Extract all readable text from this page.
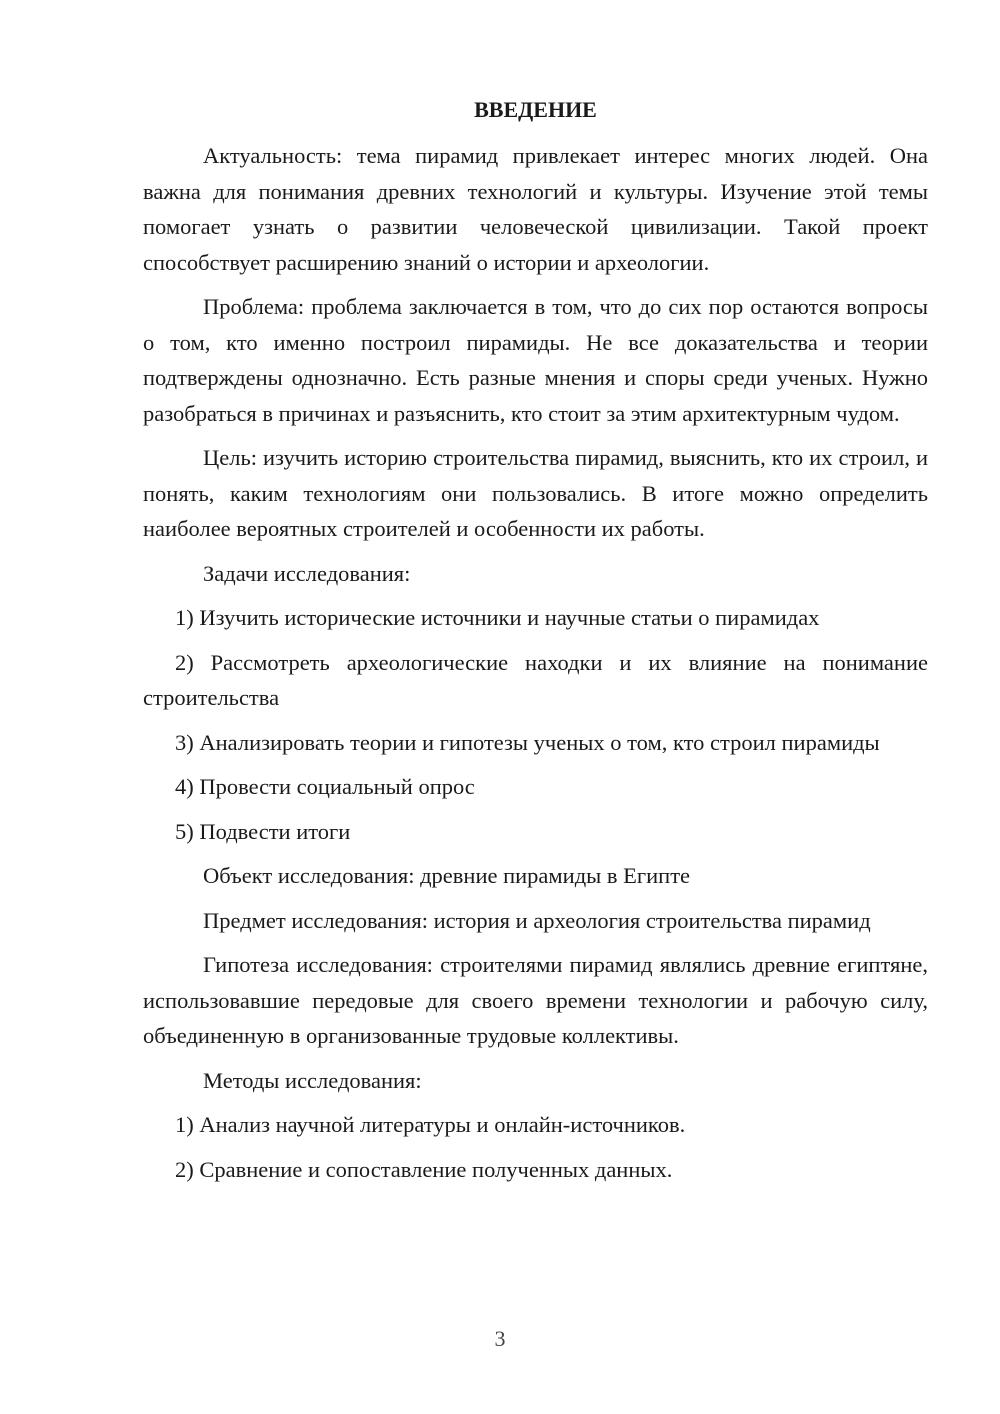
ВВЕДЕНИЕ

Актуальность: тема пирамид привлекает интерес многих людей. Она важна для понимания древних технологий и культуры. Изучение этой темы помогает узнать о развитии человеческой цивилизации. Такой проект способствует расширению знаний о истории и археологии.

Проблема: проблема заключается в том, что до сих пор остаются вопросы о том, кто именно построил пирамиды. Не все доказательства и теории подтверждены однозначно. Есть разные мнения и споры среди ученых. Нужно разобраться в причинах и разъяснить, кто стоит за этим архитектурным чудом.

Цель: изучить историю строительства пирамид, выяснить, кто их строил, и понять, каким технологиям они пользовались. В итоге можно определить наиболее вероятных строителей и особенности их работы.

Задачи исследования:

1) Изучить исторические источники и научные статьи о пирамидах

2) Рассмотреть археологические находки и их влияние на понимание строительства

3) Анализировать теории и гипотезы ученых о том, кто строил пирамиды

4) Провести социальный опрос

5) Подвести итоги

Объект исследования: древние пирамиды в Египте

Предмет исследования: история и археология строительства пирамид

Гипотеза исследования: строителями пирамид являлись древние египтяне, использовавшие передовые для своего времени технологии и рабочую силу, объединенную в организованные трудовые коллективы.

Методы исследования:

1) Анализ научной литературы и онлайн-источников.

2) Сравнение и сопоставление полученных данных.

3
